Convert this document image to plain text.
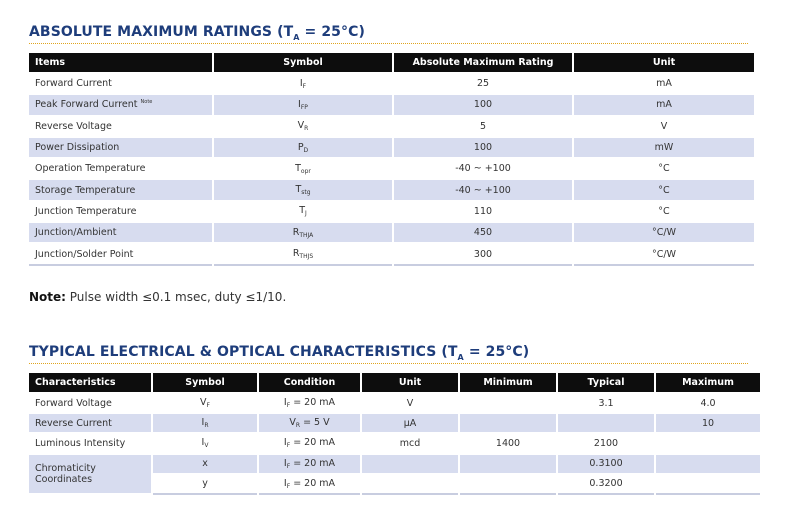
ABSOLUTE MAXIMUM RATINGS $(T_A = 25^\circ C)$
Items	Symbol	Absolute Maximum Rating	Unit
Forward Current	$I_F$	25	mA
Peak Forward Current $^{Note}$	$I_{FP}$	100	mA
Reverse Voltage	$V_R$	5	V
Power Dissipation	$P_D$	100	mW
Operation Temperature	$T_{opr}$	-40 ~ +100	°C
Storage Temperature	$T_{stg}$	-40 ~ +100	°C
Junction Temperature	$T_J$	110	°C
Junction/Ambient	$R_{THJA}$	450	°C/W
Junction/Solder Point	$R_{THJS}$	300	°C/W
Note: Pulse width ≤0.1 msec, duty ≤1/10.
TYPICAL ELECTRICAL & OPTICAL CHARACTERISTICS $(T_A = 25^\circ C)$
Characteristics	Symbol	Condition	Unit	Minimum	Typical	Maximum
Forward Voltage	$V_F$	$I_F = 20$ mA	V		3.1	4.0
Reverse Current	$I_R$	$V_R = 5$ V	µA			10
Luminous Intensity	$I_V$	$I_F = 20$ mA	mcd	1400	2100	
Chromaticity Coordinates	x	$I_F = 20$ mA			0.3100	
	y	$I_F = 20$ mA			0.3200	
